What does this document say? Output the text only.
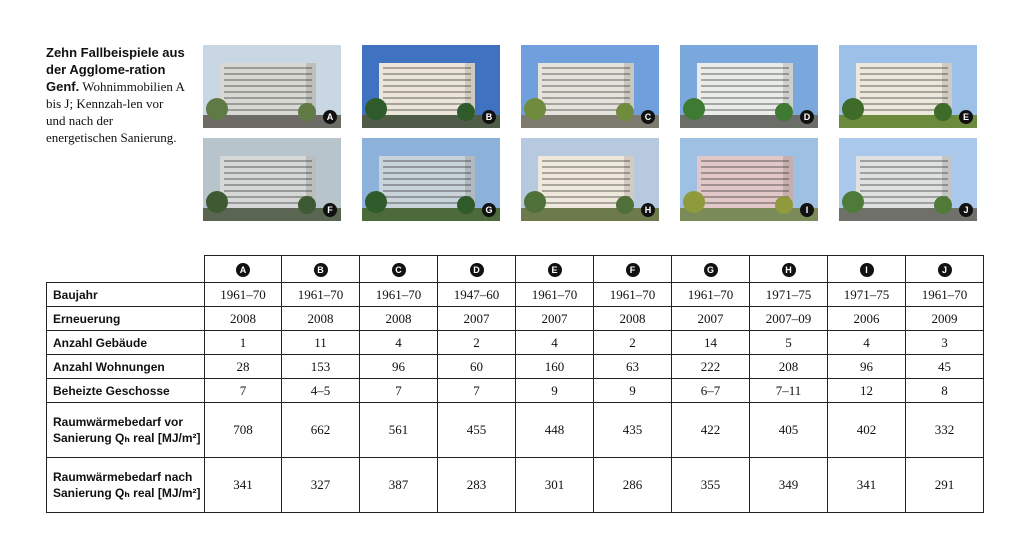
Zehn Fallbeispiele aus der Agglome-ration Genf. Wohnimmobilien A bis J; Kennzah-len vor und nach der energetischen Sanierung.
A	B	C	D	E
F	G	H	I	J
	A	B	C	D	E	F	G	H	I	J
Baujahr	1961–70	1961–70	1961–70	1947–60	1961–70	1961–70	1961–70	1971–75	1971–75	1961–70
Erneuerung	2008	2008	2008	2007	2007	2008	2007	2007–09	2006	2009
Anzahl Gebäude	1	11	4	2	4	2	14	5	4	3
Anzahl Wohnungen	28	153	96	60	160	63	222	208	96	45
Beheizte Geschosse	7	4–5	7	7	9	9	6–7	7–11	12	8
Raumwärmebedarf vor Sanierung Qₕ real [MJ/m²]	708	662	561	455	448	435	422	405	402	332
Raumwärmebedarf nach Sanierung Qₕ real [MJ/m²]	341	327	387	283	301	286	355	349	341	291
